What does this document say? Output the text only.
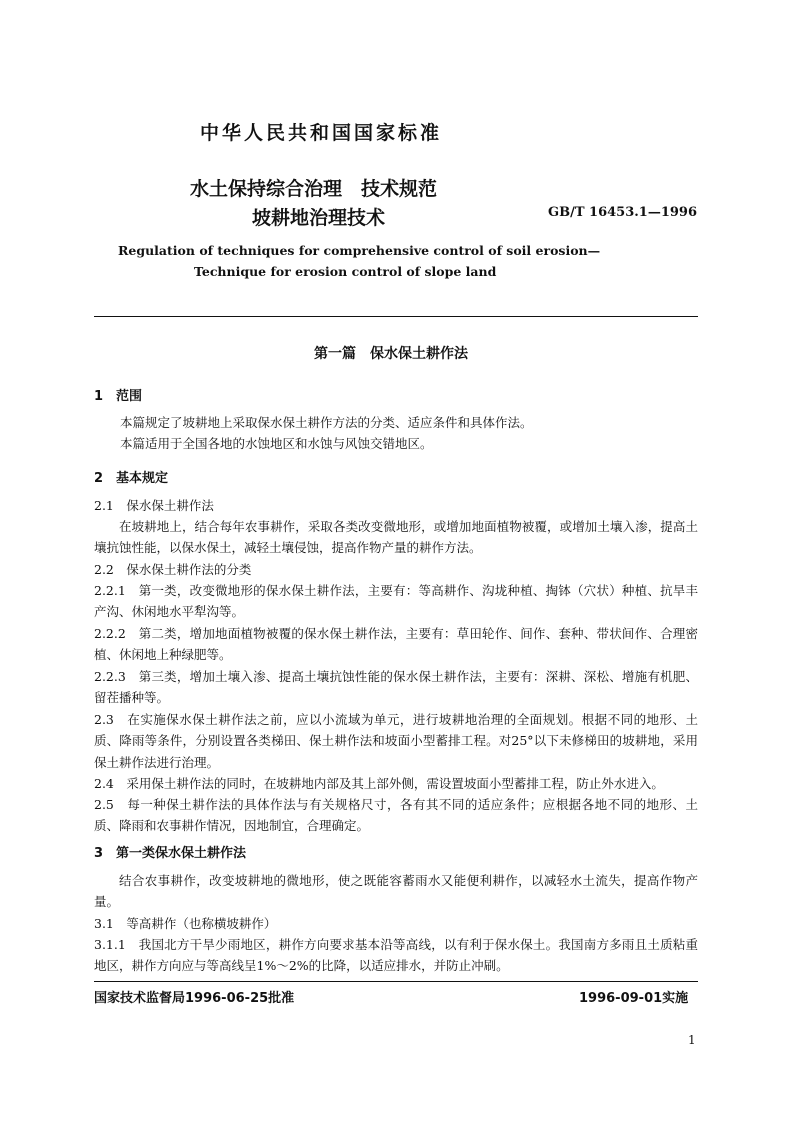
中华人民共和国国家标准
水土保持综合治理　技术规范
坡耕地治理技术	GB/T 16453.1—1996
Regulation of techniques for comprehensive control of soil erosion—
Technique for erosion control of slope land
第一篇　保水保土耕作法
1　范围
本篇规定了坡耕地上采取保水保土耕作方法的分类、适应条件和具体作法。
本篇适用于全国各地的水蚀地区和水蚀与风蚀交错地区。
2　基本规定
2.1　保水保土耕作法
在坡耕地上，结合每年农事耕作，采取各类改变微地形，或增加地面植物被覆，或增加土壤入渗，提高土壤抗蚀性能，以保水保土，减轻土壤侵蚀，提高作物产量的耕作方法。
2.2　保水保土耕作法的分类
2.2.1　第一类，改变微地形的保水保土耕作法，主要有：等高耕作、沟垅种植、掏钵（穴状）种植、抗旱丰产沟、休闲地水平犁沟等。
2.2.2　第二类，增加地面植物被覆的保水保土耕作法，主要有：草田轮作、间作、套种、带状间作、合理密植、休闲地上种绿肥等。
2.2.3　第三类，增加土壤入渗、提高土壤抗蚀性能的保水保土耕作法，主要有：深耕、深松、增施有机肥、留茬播种等。
2.3　在实施保水保土耕作法之前，应以小流域为单元，进行坡耕地治理的全面规划。根据不同的地形、土质、降雨等条件，分别设置各类梯田、保土耕作法和坡面小型蓄排工程。对25°以下未修梯田的坡耕地，采用保土耕作法进行治理。
2.4　采用保土耕作法的同时，在坡耕地内部及其上部外侧，需设置坡面小型蓄排工程，防止外水进入。
2.5　每一种保土耕作法的具体作法与有关规格尺寸，各有其不同的适应条件；应根据各地不同的地形、土质、降雨和农事耕作情况，因地制宜，合理确定。
3　第一类保水保土耕作法
结合农事耕作，改变坡耕地的微地形，使之既能容蓄雨水又能便利耕作，以减轻水土流失，提高作物产量。
3.1　等高耕作（也称横坡耕作）
3.1.1　我国北方干旱少雨地区，耕作方向要求基本沿等高线，以有利于保水保土。我国南方多雨且土质粘重地区，耕作方向应与等高线呈1%～2%的比降，以适应排水，并防止冲刷。
国家技术监督局1996-06-25批准	1996-09-01实施
1
